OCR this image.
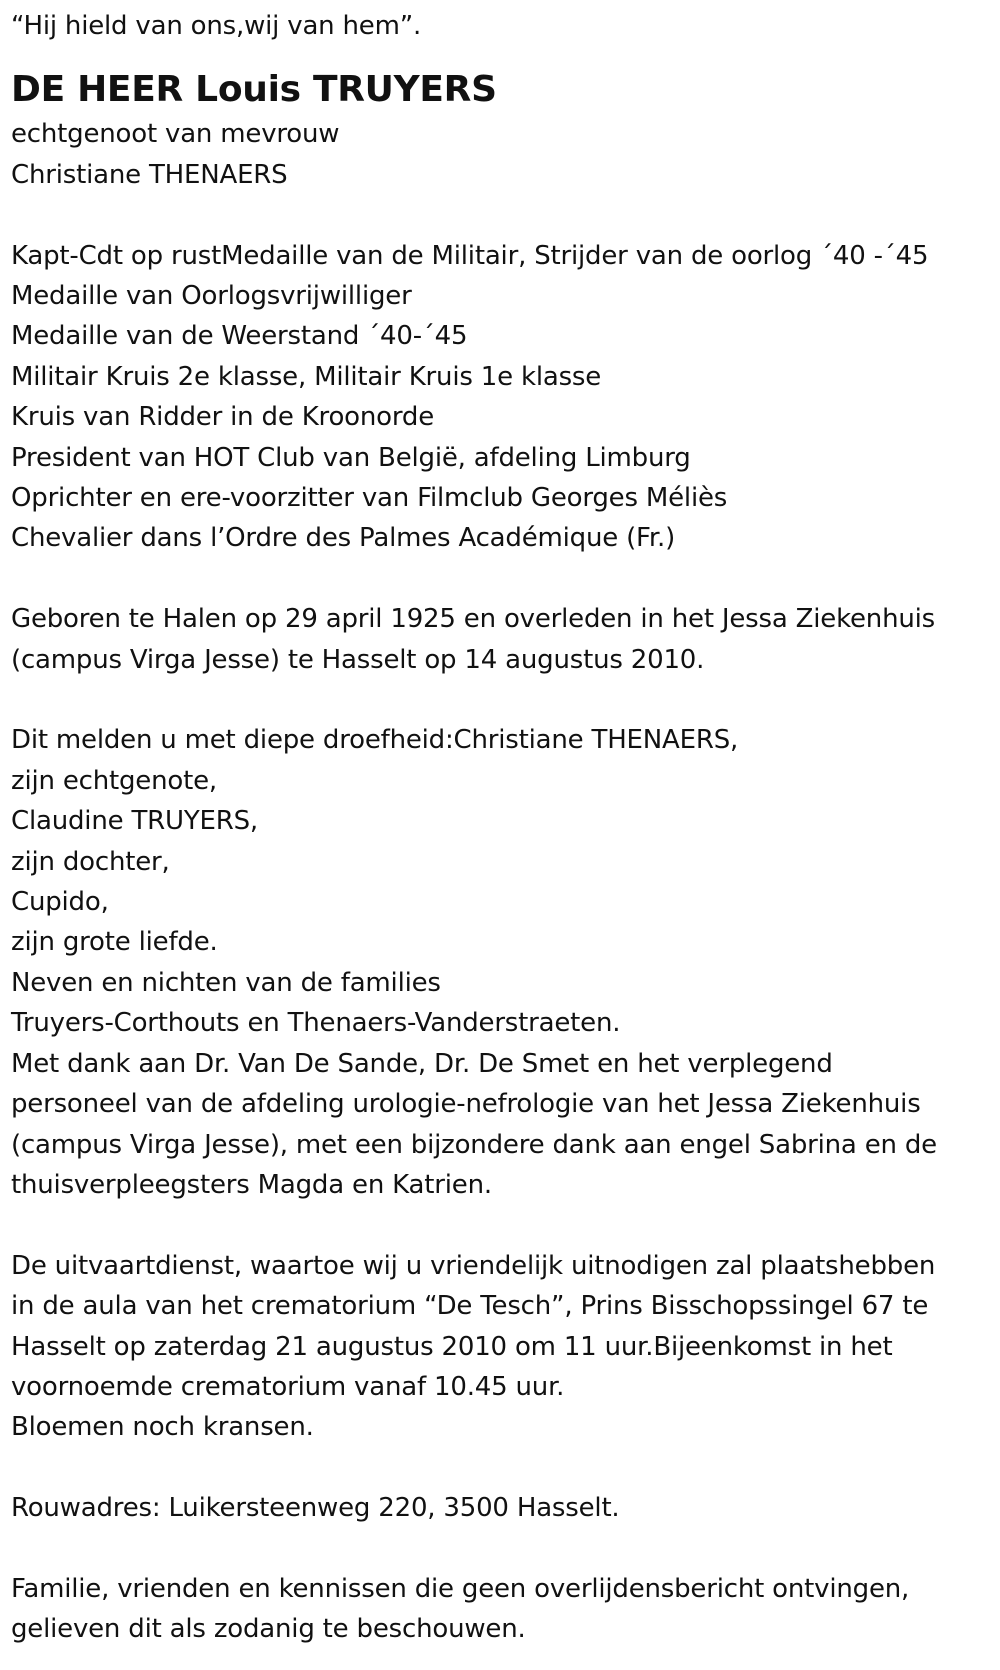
“Hij hield van ons,wij van hem”.
DE HEER Louis TRUYERS
echtgenoot van mevrouw
Christiane THENAERS
Kapt-Cdt op rustMedaille van de Militair, Strijder van de oorlog ´40 -´45
Medaille van Oorlogsvrijwilliger
Medaille van de Weerstand ´40-´45
Militair Kruis 2e klasse, Militair Kruis 1e klasse
Kruis van Ridder in de Kroonorde
President van HOT Club van België, afdeling Limburg
Oprichter en ere-voorzitter van Filmclub Georges Méliès
Chevalier dans l’Ordre des Palmes Académique (Fr.)
Geboren te Halen op 29 april 1925 en overleden in het Jessa Ziekenhuis
(campus Virga Jesse) te Hasselt op 14 augustus 2010.
Dit melden u met diepe droefheid:Christiane THENAERS,
zijn echtgenote,
Claudine TRUYERS,
zijn dochter,
Cupido,
zijn grote liefde.
Neven en nichten van de families
Truyers-Corthouts en Thenaers-Vanderstraeten.
Met dank aan Dr. Van De Sande, Dr. De Smet en het verplegend
personeel van de afdeling urologie-nefrologie van het Jessa Ziekenhuis
(campus Virga Jesse), met een bijzondere dank aan engel Sabrina en de
thuisverpleegsters Magda en Katrien.
De uitvaartdienst, waartoe wij u vriendelijk uitnodigen zal plaatshebben
in de aula van het crematorium “De Tesch”, Prins Bisschopssingel 67 te
Hasselt op zaterdag 21 augustus 2010 om 11 uur.Bijeenkomst in het
voornoemde crematorium vanaf 10.45 uur.
Bloemen noch kransen.
Rouwadres: Luikersteenweg 220, 3500 Hasselt.
Familie, vrienden en kennissen die geen overlijdensbericht ontvingen,
gelieven dit als zodanig te beschouwen.
